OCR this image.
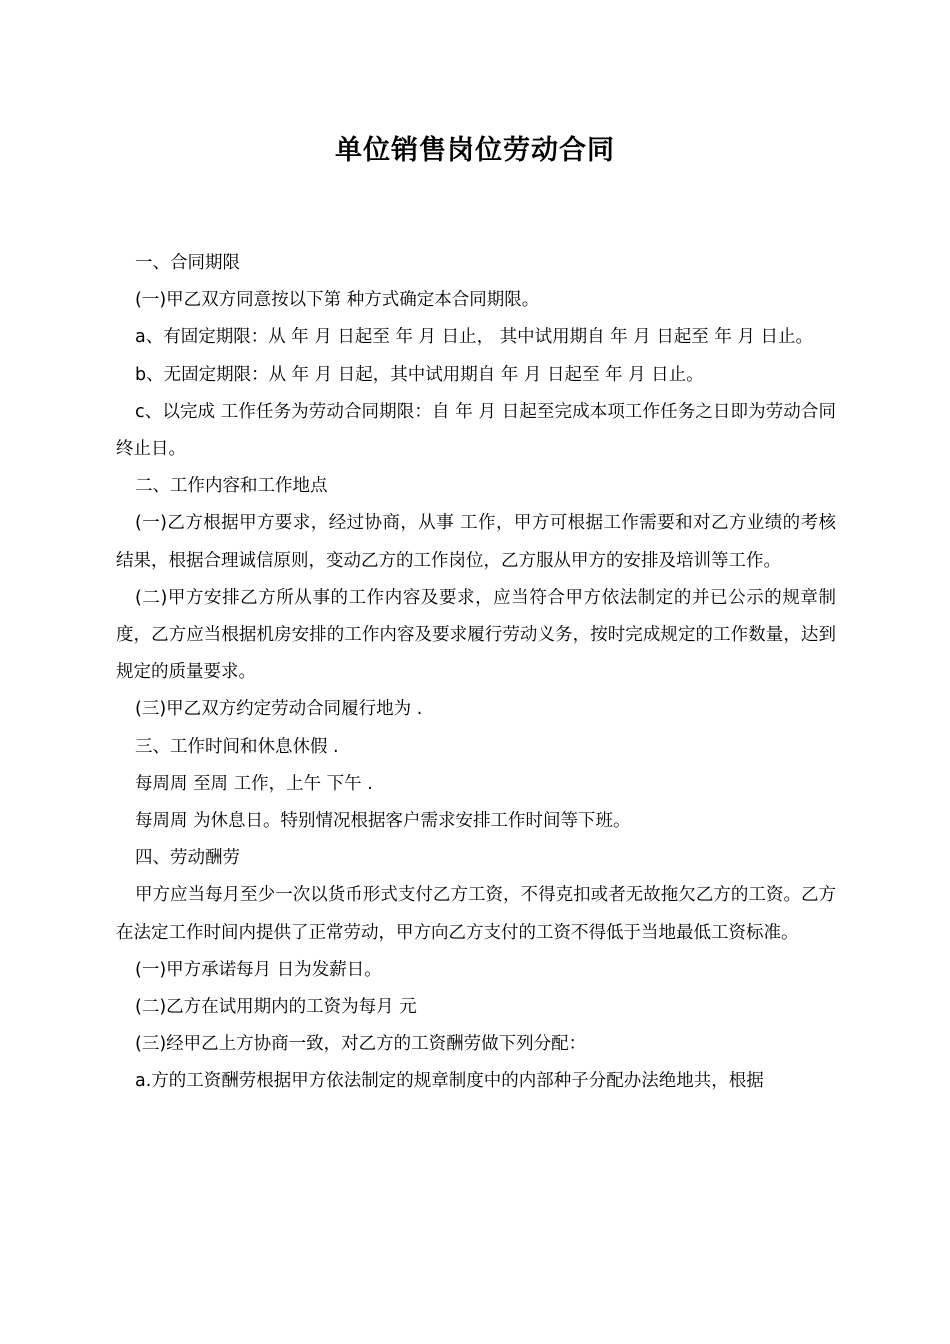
单位销售岗位劳动合同

一、合同期限

(一)甲乙双方同意按以下第 种方式确定本合同期限。

a、有固定期限：从 年 月 日起至 年 月 日止， 其中试用期自 年 月 日起至 年 月 日止。

b、无固定期限：从 年 月 日起，其中试用期自 年 月 日起至 年 月 日止。

c、以完成 工作任务为劳动合同期限：自 年 月 日起至完成本项工作任务之日即为劳动合同终止日。

二、工作内容和工作地点

(一)乙方根据甲方要求，经过协商，从事 工作，甲方可根据工作需要和对乙方业绩的考核结果，根据合理诚信原则，变动乙方的工作岗位，乙方服从甲方的安排及培训等工作。

(二)甲方安排乙方所从事的工作内容及要求，应当符合甲方依法制定的并已公示的规章制度，乙方应当根据机房安排的工作内容及要求履行劳动义务，按时完成规定的工作数量，达到规定的质量要求。

(三)甲乙双方约定劳动合同履行地为 .

三、工作时间和休息休假 .

每周周 至周 工作，上午 下午 .

每周周 为休息日。特别情况根据客户需求安排工作时间等下班。

四、劳动酬劳

甲方应当每月至少一次以货币形式支付乙方工资，不得克扣或者无故拖欠乙方的工资。乙方在法定工作时间内提供了正常劳动，甲方向乙方支付的工资不得低于当地最低工资标准。

(一)甲方承诺每月 日为发薪日。

(二)乙方在试用期内的工资为每月 元

(三)经甲乙上方协商一致，对乙方的工资酬劳做下列分配：

a.方的工资酬劳根据甲方依法制定的规章制度中的内部种子分配办法绝地共，根据
